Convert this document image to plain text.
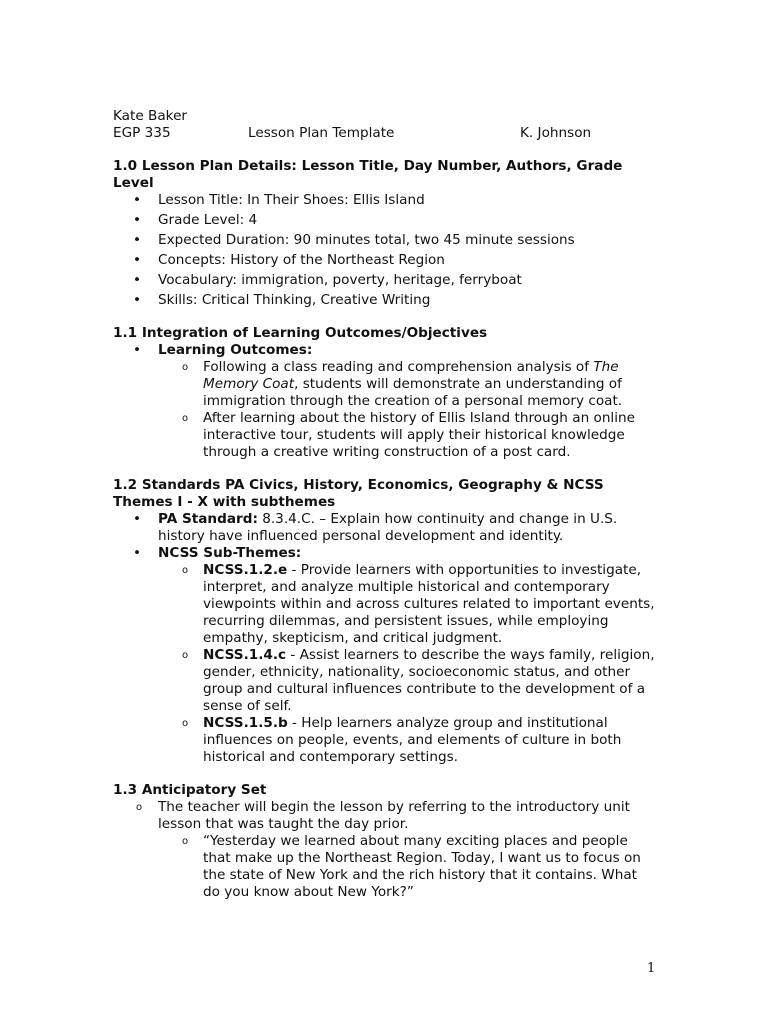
Kate Baker
EGP 335	Lesson Plan Template	K. Johnson
1.0 Lesson Plan Details: Lesson Title, Day Number, Authors, Grade Level
• Lesson Title: In Their Shoes: Ellis Island
• Grade Level: 4
• Expected Duration: 90 minutes total, two 45 minute sessions
• Concepts: History of the Northeast Region
• Vocabulary: immigration, poverty, heritage, ferryboat
• Skills: Critical Thinking, Creative Writing
1.1 Integration of Learning Outcomes/Objectives
• Learning Outcomes:
o Following a class reading and comprehension analysis of The Memory Coat, students will demonstrate an understanding of immigration through the creation of a personal memory coat.
o After learning about the history of Ellis Island through an online interactive tour, students will apply their historical knowledge through a creative writing construction of a post card.
1.2 Standards PA Civics, History, Economics, Geography & NCSS Themes I - X with subthemes
• PA Standard: 8.3.4.C. – Explain how continuity and change in U.S. history have influenced personal development and identity.
• NCSS Sub-Themes:
o NCSS.1.2.e - Provide learners with opportunities to investigate, interpret, and analyze multiple historical and contemporary viewpoints within and across cultures related to important events, recurring dilemmas, and persistent issues, while employing empathy, skepticism, and critical judgment.
o NCSS.1.4.c - Assist learners to describe the ways family, religion, gender, ethnicity, nationality, socioeconomic status, and other group and cultural influences contribute to the development of a sense of self.
o NCSS.1.5.b - Help learners analyze group and institutional influences on people, events, and elements of culture in both historical and contemporary settings.
1.3 Anticipatory Set
o The teacher will begin the lesson by referring to the introductory unit lesson that was taught the day prior.
o “Yesterday we learned about many exciting places and people that make up the Northeast Region. Today, I want us to focus on the state of New York and the rich history that it contains. What do you know about New York?”
1
